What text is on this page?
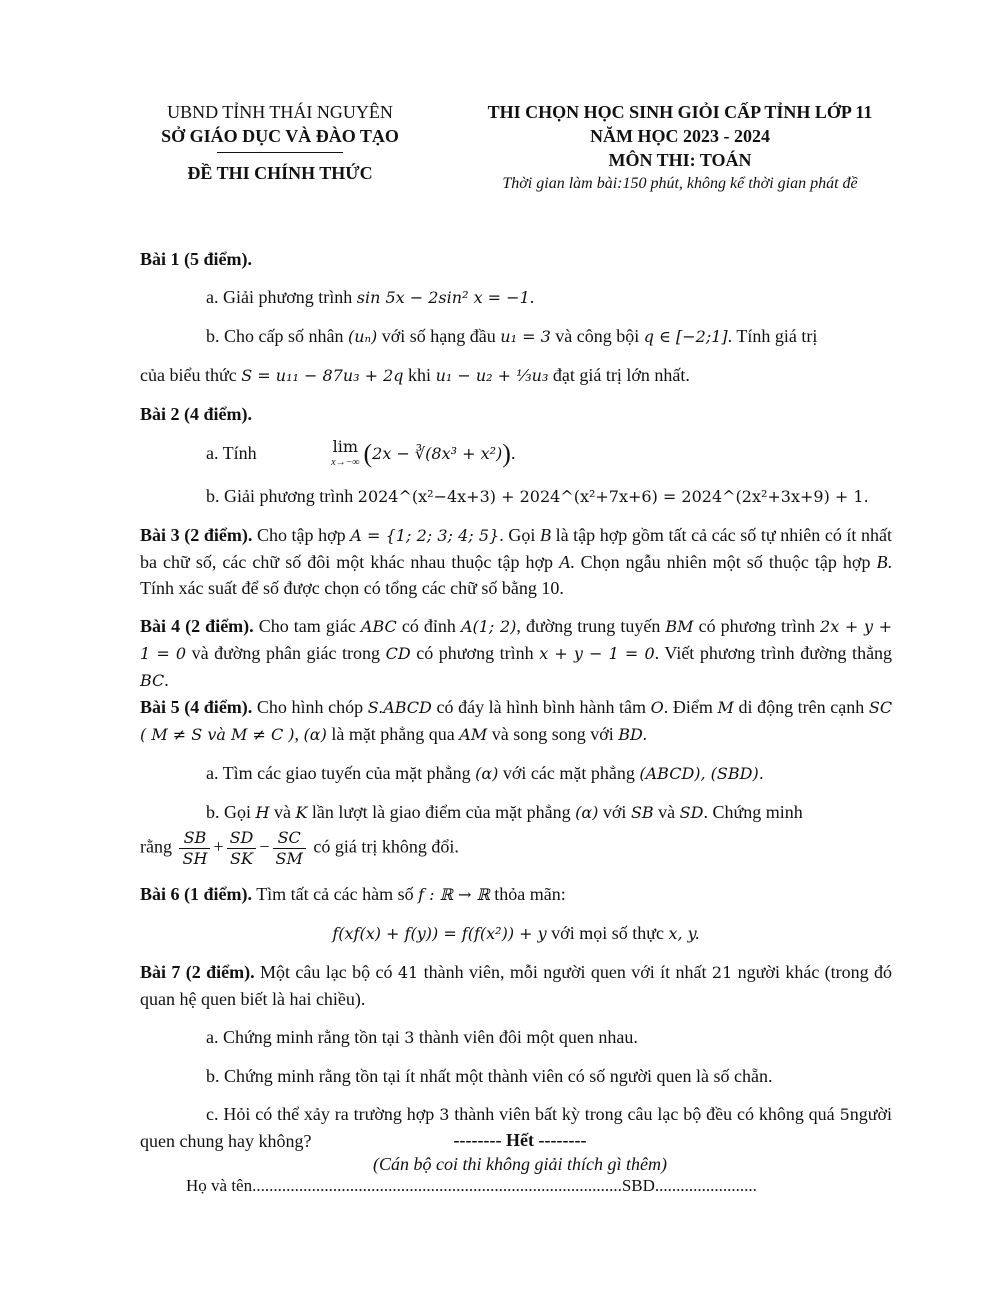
UBND TỈNH THÁI NGUYÊN
SỞ GIÁO DỤC VÀ ĐÀO TẠO
ĐỀ THI CHÍNH THỨC
THI CHỌN HỌC SINH GIỎI CẤP TỈNH LỚP 11
NĂM HỌC 2023 - 2024
MÔN THI: TOÁN
Thời gian làm bài:150 phút, không kể thời gian phát đề

Bài 1 (5 điểm).

a. Giải phương trình sin 5x − 2sin² x = −1.

b. Cho cấp số nhân (uₙ) với số hạng đầu u₁ = 3 và công bội q ∈ [−2;1]. Tính giá trị

của biểu thức S = u₁₁ − 87u₃ + 2q khi u₁ − u₂ + ⅓u₃ đạt giá trị lớn nhất.

Bài 2 (4 điểm).

a. Tính	lim
x→−∞ (2x − ∛(8x³ + x²)).

b. Giải phương trình 2024^(x²−4x+3) + 2024^(x²+7x+6) = 2024^(2x²+3x+9) + 1.

Bài 3 (2 điểm). Cho tập hợp A = {1; 2; 3; 4; 5}. Gọi B là tập hợp gồm tất cả các số tự nhiên có ít nhất ba chữ số, các chữ số đôi một khác nhau thuộc tập hợp A. Chọn ngẫu nhiên một số thuộc tập hợp B. Tính xác suất để số được chọn có tổng các chữ số bằng 10.

Bài 4 (2 điểm). Cho tam giác ABC có đỉnh A(1; 2), đường trung tuyến BM có phương trình 2x + y + 1 = 0 và đường phân giác trong CD có phương trình x + y − 1 = 0. Viết phương trình đường thẳng BC.

Bài 5 (4 điểm). Cho hình chóp S.ABCD có đáy là hình bình hành tâm O. Điểm M di động trên cạnh SC ( M ≠ S và M ≠ C ), (α) là mặt phẳng qua AM và song song với BD.

a. Tìm các giao tuyến của mặt phẳng (α) với các mặt phẳng (ABCD), (SBD).

b. Gọi H và K lần lượt là giao điểm của mặt phẳng (α) với SB và SD. Chứng minh

rằng $\frac{SB}{SH} + \frac{SD}{SK} - \frac{SC}{SM}$ có giá trị không đổi.

Bài 6 (1 điểm). Tìm tất cả các hàm số f : ℝ → ℝ thỏa mãn:

f(xf(x) + f(y)) = f(f(x²)) + y với mọi số thực x, y.

Bài 7 (2 điểm). Một câu lạc bộ có 41 thành viên, mỗi người quen với ít nhất 21 người khác (trong đó quan hệ quen biết là hai chiều).

a. Chứng minh rằng tồn tại 3 thành viên đôi một quen nhau.

b. Chứng minh rằng tồn tại ít nhất một thành viên có số người quen là số chẵn.

c. Hỏi có thể xảy ra trường hợp 3 thành viên bất kỳ trong câu lạc bộ đều có không quá 5người quen chung hay không?	-------- Hết --------
(Cán bộ coi thi không giải thích gì thêm)
Họ và tên.......................................................................................SBD........................
